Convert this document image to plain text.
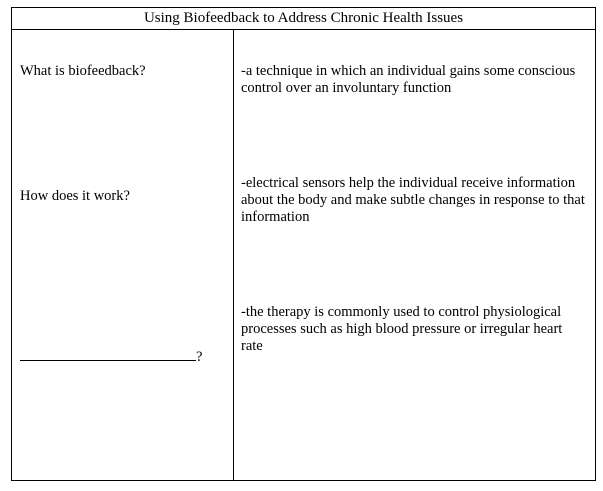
Using Biofeedback to Address Chronic Health Issues
What is biofeedback?	-a technique in which an individual gains some conscious control over an involuntary function
How does it work?
-electrical sensors help the individual receive information about the body and make subtle changes in response to that information
?
-the therapy is commonly used to control physiological processes such as high blood pressure or irregular heart rate
